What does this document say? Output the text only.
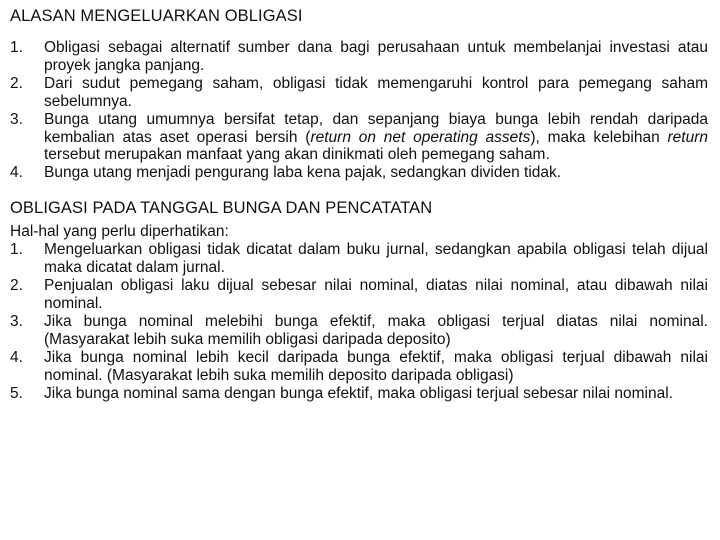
ALASAN MENGELUARKAN OBLIGASI
1.	Obligasi sebagai alternatif sumber dana bagi perusahaan untuk membelanjai investasi atau proyek jangka panjang.
2.	Dari sudut pemegang saham, obligasi tidak memengaruhi kontrol para pemegang saham sebelumnya.
3.	Bunga utang umumnya bersifat tetap, dan sepanjang biaya bunga lebih rendah daripada kembalian atas aset operasi bersih (return on net operating assets), maka kelebihan return tersebut merupakan manfaat yang akan dinikmati oleh pemegang saham.
4.	Bunga utang menjadi pengurang laba kena pajak, sedangkan dividen tidak.
OBLIGASI PADA TANGGAL BUNGA DAN PENCATATAN

Hal-hal yang perlu diperhatikan:

1.	Mengeluarkan obligasi tidak dicatat dalam buku jurnal, sedangkan apabila obligasi telah dijual maka dicatat dalam jurnal.
2.	Penjualan obligasi laku dijual sebesar nilai nominal, diatas nilai nominal, atau dibawah nilai nominal.
3.	Jika bunga nominal melebihi bunga efektif, maka obligasi terjual diatas nilai nominal. (Masyarakat lebih suka memilih obligasi daripada deposito)
4.	Jika bunga nominal lebih kecil daripada bunga efektif, maka obligasi terjual dibawah nilai nominal. (Masyarakat lebih suka memilih deposito daripada obligasi)
5.	Jika bunga nominal sama dengan bunga efektif, maka obligasi terjual sebesar nilai nominal.
